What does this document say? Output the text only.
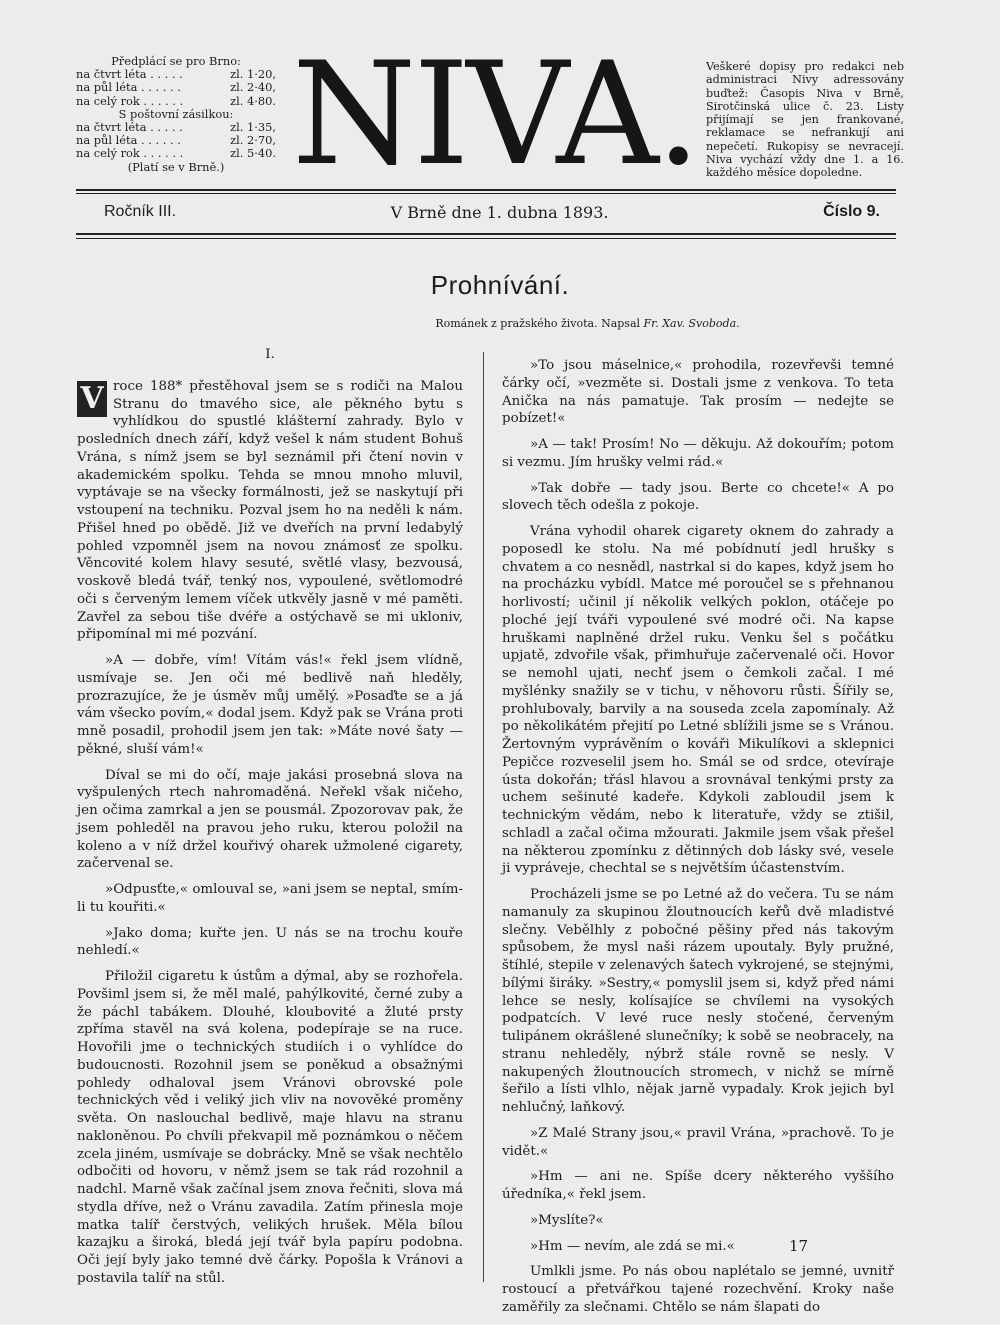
Předplácí se pro Brno:
na čtvrt léta . . . . .	zl. 1·20,
na půl léta . . . . . .	zl. 2·40,
na celý rok . . . . . .	zl. 4·80.
S poštovní zásilkou:
na čtvrt léta . . . . .	zl. 1·35,
na půl léta . . . . . .	zl. 2·70,
na celý rok . . . . . .	zl. 5·40.
(Platí se v Brně.) NIVA. Veškeré dopisy pro redakci neb administraci Nivy adressovány buďtež: Časopis Niva v Brně, Sirotčinská ulice č. 23. Listy přijímají se jen frankované, reklamace se nefrankují ani nepečetí. Rukopisy se nevracejí. Niva vychází vždy dne 1. a 16. každého měsíce dopoledne.
Ročník III.	V Brně dne 1. dubna 1893.	Číslo 9.
Prohnívání.
Románek z pražského života. Napsal Fr. Xav. Svoboda.
I.

V roce 188* přestěhoval jsem se s rodiči na Malou Stranu do tmavého sice, ale pěkného bytu s vyhlídkou do spustlé klášterní zahrady. Bylo v posledních dnech září, když vešel k nám student Bohuš Vrána, s nímž jsem se byl seznámil při čtení novin v akademickém spolku. Tehda se mnou mnoho mluvil, vyptávaje se na všecky formálnosti, jež se naskytují při vstoupení na techniku. Pozval jsem ho na neděli k nám. Přišel hned po obědě. Již ve dveřích na první ledabylý pohled vzpomněl jsem na novou známosť ze spolku. Věncovité kolem hlavy sesuté, světlé vlasy, bezvousá, voskově bledá tvář, tenký nos, vypoulené, světlomodré oči s červeným lemem víček utkvěly jasně v mé paměti. Zavřel za sebou tiše dvéře a ostýchavě se mi ukloniv, připomínal mi mé pozvání.

»A — dobře, vím! Vítám vás!« řekl jsem vlídně, usmívaje se. Jen oči mé bedlivě naň hleděly, prozrazujíce, že je úsměv můj umělý. »Posaďte se a já vám všecko povím,« dodal jsem. Když pak se Vrána proti mně posadil, prohodil jsem jen tak: »Máte nové šaty — pěkné, sluší vám!«

Díval se mi do očí, maje jakási prosebná slova na vyšpulených rtech nahromaděná. Neřekl však ničeho, jen očima zamrkal a jen se pousmál. Zpozorovav pak, že jsem pohleděl na pravou jeho ruku, kterou položil na koleno a v níž držel kouřivý oharek užmolené cigarety, začervenal se.

»Odpusťte,« omlouval se, »ani jsem se neptal, smím-li tu kouřiti.«

»Jako doma; kuřte jen. U nás se na trochu kouře nehledí.«

Přiložil cigaretu k ústům a dýmal, aby se rozhořela. Povšiml jsem si, že měl malé, pahýlkovité, černé zuby a že páchl tabákem. Dlouhé, kloubovité a žluté prsty zpříma stavěl na svá kolena, podepíraje se na ruce. Hovořili jme o technických studiích i o vyhlídce do budoucnosti. Rozohnil jsem se poněkud a obsažnými pohledy odhaloval jsem Vránovi obrovské pole technických věd i veliký jich vliv na novověké proměny světa. On naslouchal bedlivě, maje hlavu na stranu nakloněnou. Po chvíli překvapil mě poznámkou o něčem zcela jiném, usmívaje se dobrácky. Mně se však nechtělo odbočiti od hovoru, v němž jsem se tak rád rozohnil a nadchl. Marně však začínal jsem znova řečniti, slova má stydla dříve, než o Vránu zavadila. Zatím přinesla moje matka talíř čerstvých, velikých hrušek. Měla bílou kazajku a široká, bledá její tvář byla papíru podobna. Oči její byly jako temné dvě čárky. Popošla k Vránovi a postavila talíř na stůl.

»To jsou máselnice,« prohodila, rozevřevši temné čárky očí, »vezměte si. Dostali jsme z venkova. To teta Anička na nás pamatuje. Tak prosím — nedejte se pobízet!«

»A — tak! Prosím! No — děkuju. Až dokouřím; potom si vezmu. Jím hrušky velmi rád.«

»Tak dobře — tady jsou. Berte co chcete!« A po slovech těch odešla z pokoje.

Vrána vyhodil oharek cigarety oknem do zahrady a poposedl ke stolu. Na mé pobídnutí jedl hrušky s chvatem a co nesnědl, nastrkal si do kapes, když jsem ho na procházku vybídl. Matce mé poroučel se s přehnanou horlivostí; učinil jí několik velkých poklon, otáčeje po ploché její tváři vypoulené své modré oči. Na kapse hruškami naplněné držel ruku. Venku šel s počátku upjatě, zdvořile však, přimhuřuje začervenalé oči. Hovor se nemohl ujati, nechť jsem o čemkoli začal. I mé myšlénky snažily se v tichu, v něhovoru růsti. Šířily se, prohlubovaly, barvily a na souseda zcela zapomínaly. Až po několikátém přejití po Letné sblížili jsme se s Vránou. Žertovným vyprávěním o kováři Mikulíkovi a sklepnici Pepičce rozveselil jsem ho. Smál se od srdce, otevíraje ústa dokořán; třásl hlavou a srovnával tenkými prsty za uchem sešinuté kadeře. Kdykoli zabloudil jsem k technickým vědám, nebo k literatuře, vždy se ztišil, schladl a začal očima mžourati. Jakmile jsem však přešel na některou zpomínku z dětinných dob lásky své, vesele ji vypráveje, chechtal se s největším účastenstvím.

Procházeli jsme se po Letné až do večera. Tu se nám namanuly za skupinou žloutnoucích keřů dvě mladistvé slečny. Vebělhly z pobočné pěšiny před nás takovým spůsobem, že mysl naši rázem upoutaly. Byly pružné, štíhlé, stepile v zelenavých šatech vykrojené, se stejnými, bílými širáky. »Sestry,« pomyslil jsem si, když před námi lehce se nesly, kolísajíce se chvílemi na vysokých podpatcích. V levé ruce nesly stočené, červeným tulipánem okrášlené slunečníky; k sobě se neobracely, na stranu nehleděly, nýbrž stále rovně se nesly. V nakupených žloutnoucích stromech, v nichž se mírně šeřilo a lísti vlhlo, nějak jarně vypadaly. Krok jejich byl nehlučný, laňkový.

»Z Malé Strany jsou,« pravil Vrána, »prachově. To je vidět.«

»Hm — ani ne. Spíše dcery některého vyššího úředníka,« řekl jsem.

»Myslíte?«

»Hm — nevím, ale zdá se mi.«

Umlkli jsme. Po nás obou naplétalo se jemné, uvnitř rostoucí a přetvářkou tajené rozechvění. Kroky naše zaměřily za slečnami. Chtělo se nám šlapati do

17
